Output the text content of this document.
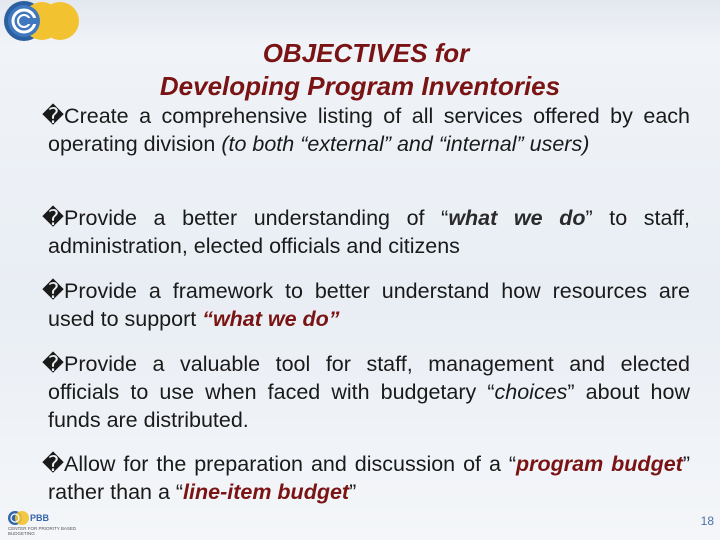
OBJECTIVES for
Developing Program Inventories
�Create a comprehensive listing of all services offered by each operating division (to both “external” and “internal” users)
�Provide a better understanding of “what we do” to staff, administration, elected officials and citizens
�Provide a framework to better understand how resources are used to support “what we do”
�Provide a valuable tool for staff, management and elected officials to use when faced with budgetary “choices” about how funds are distributed.
�Allow for the preparation and discussion of a “program budget” rather than a “line-item budget”
PBB
CENTER FOR PRIORITY BASED BUDGETING
18
